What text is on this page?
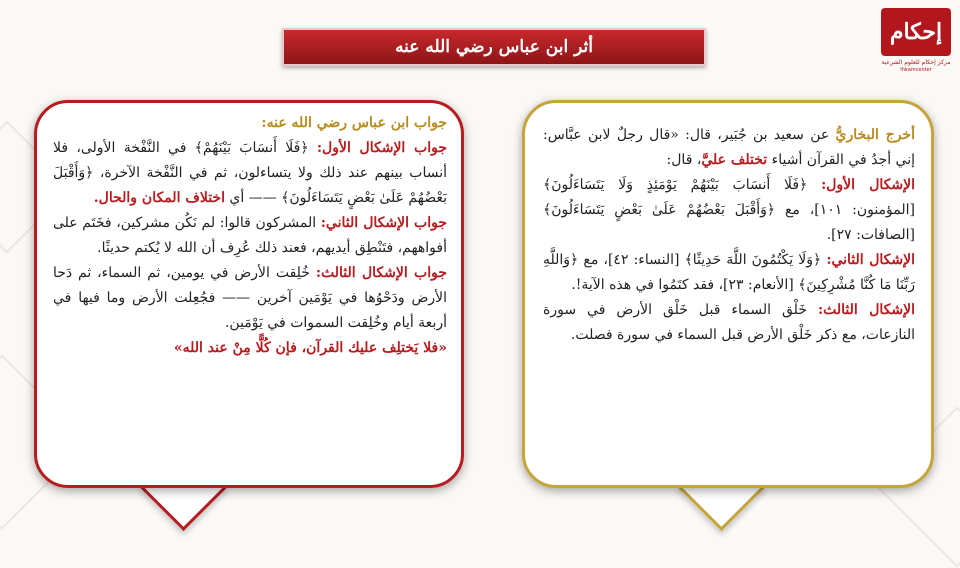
أثر ابن عباس رضي الله عنه
إحكام
مركز إحكام للعلوم الشرعية
Ihkamcenter

أخرج البخاريُّ عن سعيد بن جُبَير، قال: «قال رجلٌ لابن عبَّاس: إني أجدُ في القرآن أشياء تختلف عليَّ، قال:

الإشكال الأول: ﴿فَلَا أَنسَابَ بَيْنَهُمْ يَوْمَئِذٍ وَلَا يَتَسَاءَلُونَ﴾ [المؤمنون: ١٠١]، مع ﴿وَأَقْبَلَ بَعْضُهُمْ عَلَىٰ بَعْضٍ يَتَسَاءَلُونَ﴾ [الصافات: ٢٧].

الإشكال الثاني: ﴿وَلَا يَكْتُمُونَ اللَّهَ حَدِيثًا﴾ [النساء: ٤٢]، مع ﴿وَاللَّهِ رَبِّنَا مَا كُنَّا مُشْرِكِينَ﴾ [الأنعام: ٢٣]، فقد كتَمُوا في هذه الآية!.

الإشكال الثالث: خَلْق السماء قبل خَلْق الأرض في سورة النازعات، مع ذكر خَلْق الأرض قبل السماء في سورة فصلت.

جواب ابن عباس رضي الله عنه:

جواب الإشكال الأول: ﴿فَلَا أَنسَابَ بَيْنَهُمْ﴾ في النَّفْخة الأولى، فلا أنساب بينهم عند ذلك ولا يتساءلون، ثم في النَّفْخة الآخرة، ﴿وَأَقْبَلَ بَعْضُهُمْ عَلَىٰ بَعْضٍ يَتَسَاءَلُونَ﴾ —— أي اختلاف المكان والحال.

جواب الإشكال الثاني: المشركون قالوا: لم نَكُن مشركين، فخَتَم على أفواههم، فتَنْطِق أيديهم، فعند ذلك عُرِف أن الله لا يُكتم حديثًا.

جواب الإشكال الثالث: خُلِقت الأرض في يومين، ثم السماء، ثم دَحا الأرض ودَحْوُها في يَوْمَين آخرين —— فجُعِلت الأرض وما فيها في أربعة أيام وخُلِقت السموات في يَوْمَين.

«فلا يَختلِف عليك القرآن، فإن كُلًّا مِنْ عند الله»
